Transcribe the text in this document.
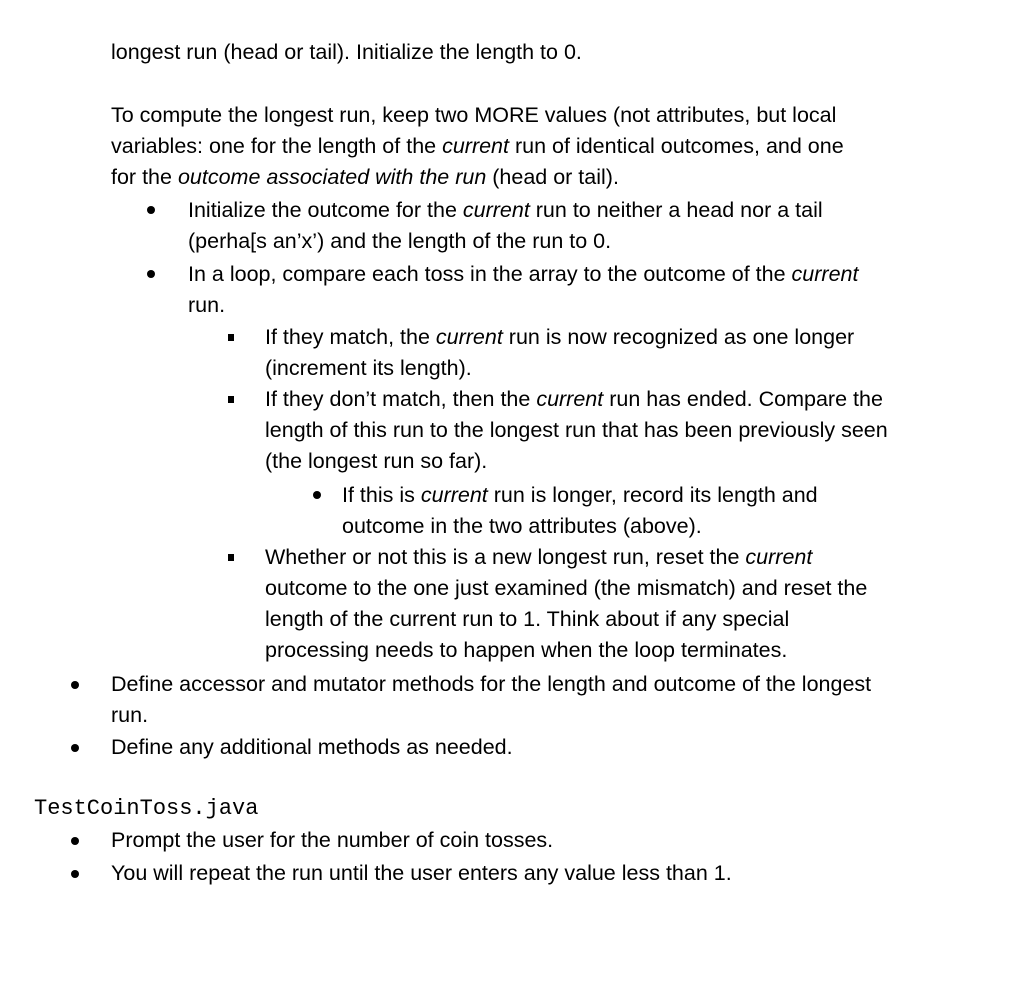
longest run (head or tail). Initialize the length to 0.
To compute the longest run, keep two MORE values (not attributes, but local
variables: one for the length of the current run of identical outcomes, and one
for the outcome associated with the run (head or tail).
Initialize the outcome for the current run to neither a head nor a tail
(perha[s an’x’) and the length of the run to 0.
In a loop, compare each toss in the array to the outcome of the current
run.
If they match, the current run is now recognized as one longer
(increment its length).
If they don’t match, then the current run has ended. Compare the
length of this run to the longest run that has been previously seen
(the longest run so far).
If this is current run is longer, record its length and
outcome in the two attributes (above).
Whether or not this is a new longest run, reset the current
outcome to the one just examined (the mismatch) and reset the
length of the current run to 1. Think about if any special
processing needs to happen when the loop terminates.
Define accessor and mutator methods for the length and outcome of the longest
run.
Define any additional methods as needed.
TestCoinToss.java
Prompt the user for the number of coin tosses.
You will repeat the run until the user enters any value less than 1.
